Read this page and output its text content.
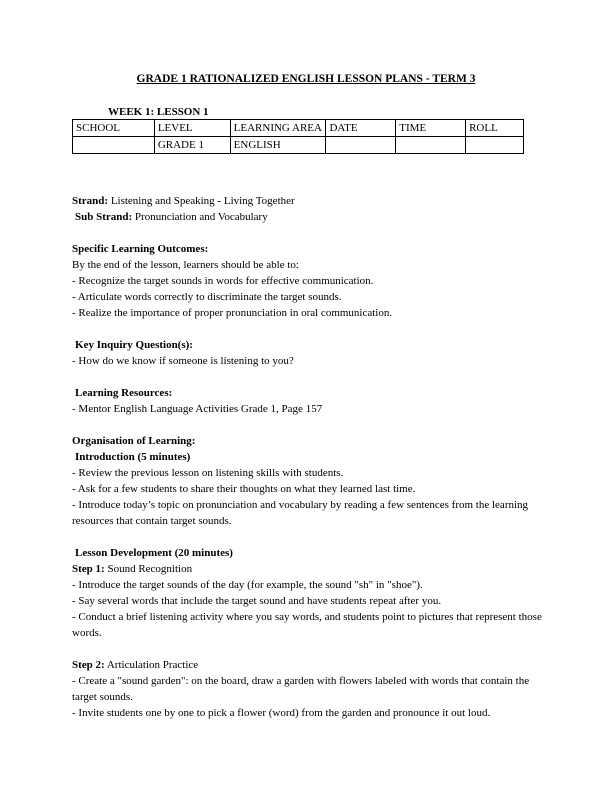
GRADE 1 RATIONALIZED ENGLISH LESSON PLANS - TERM 3
WEEK 1: LESSON 1
SCHOOL	LEVEL	LEARNING AREA	DATE	TIME	ROLL
	GRADE 1	ENGLISH			

Strand: Listening and Speaking - Living Together

Sub Strand: Pronunciation and Vocabulary

Specific Learning Outcomes:

By the end of the lesson, learners should be able to:

- Recognize the target sounds in words for effective communication.

- Articulate words correctly to discriminate the target sounds.

- Realize the importance of proper pronunciation in oral communication.

Key Inquiry Question(s):

- How do we know if someone is listening to you?

Learning Resources:

- Mentor English Language Activities Grade 1, Page 157

Organisation of Learning:

Introduction (5 minutes)

- Review the previous lesson on listening skills with students.

- Ask for a few students to share their thoughts on what they learned last time.

- Introduce today’s topic on pronunciation and vocabulary by reading a few sentences from the learning resources that contain target sounds.

Lesson Development (20 minutes)

Step 1: Sound Recognition

- Introduce the target sounds of the day (for example, the sound "sh" in "shoe").

- Say several words that include the target sound and have students repeat after you.

- Conduct a brief listening activity where you say words, and students point to pictures that represent those words.

Step 2: Articulation Practice

- Create a "sound garden": on the board, draw a garden with flowers labeled with words that contain the target sounds.

- Invite students one by one to pick a flower (word) from the garden and pronounce it out loud.
